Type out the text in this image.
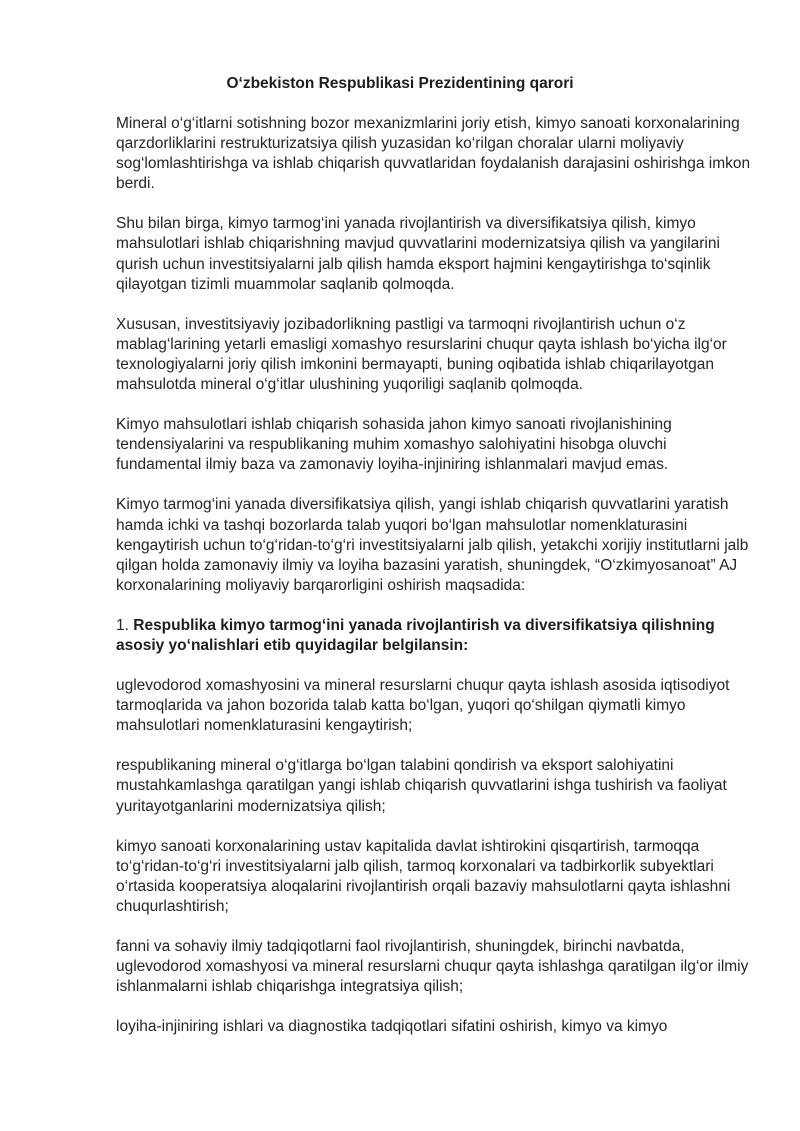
O‘zbekiston Respublikasi Prezidentining qarori

Mineral o‘g‘itlarni sotishning bozor mexanizmlarini joriy etish, kimyo sanoati korxonalarining qarzdorliklarini restrukturizatsiya qilish yuzasidan ko‘rilgan choralar ularni moliyaviy sog‘lomlashtirishga va ishlab chiqarish quvvatlaridan foydalanish darajasini oshirishga imkon berdi.

Shu bilan birga, kimyo tarmog‘ini yanada rivojlantirish va diversifikatsiya qilish, kimyo mahsulotlari ishlab chiqarishning mavjud quvvatlarini modernizatsiya qilish va yangilarini qurish uchun investitsiyalarni jalb qilish hamda eksport hajmini kengaytirishga to‘sqinlik qilayotgan tizimli muammolar saqlanib qolmoqda.

Xususan, investitsiyaviy jozibadorlikning pastligi va tarmoqni rivojlantirish uchun o‘z mablag‘larining yetarli emasligi xomashyo resurslarini chuqur qayta ishlash bo‘yicha ilg‘or texnologiyalarni joriy qilish imkonini bermayapti, buning oqibatida ishlab chiqarilayotgan mahsulotda mineral o‘g‘itlar ulushining yuqoriligi saqlanib qolmoqda.

Kimyo mahsulotlari ishlab chiqarish sohasida jahon kimyo sanoati rivojlanishining tendensiyalarini va respublikaning muhim xomashyo salohiyatini hisobga oluvchi fundamental ilmiy baza va zamonaviy loyiha-injiniring ishlanmalari mavjud emas.

Kimyo tarmog‘ini yanada diversifikatsiya qilish, yangi ishlab chiqarish quvvatlarini yaratish hamda ichki va tashqi bozorlarda talab yuqori bo‘lgan mahsulotlar nomenklaturasini kengaytirish uchun to‘g‘ridan-to‘g‘ri investitsiyalarni jalb qilish, yetakchi xorijiy institutlarni jalb qilgan holda zamonaviy ilmiy va loyiha bazasini yaratish, shuningdek, “O‘zkimyosanoat” AJ korxonalarining moliyaviy barqarorligini oshirish maqsadida:

1. Respublika kimyo tarmog‘ini yanada rivojlantirish va diversifikatsiya qilishning asosiy yo‘nalishlari etib quyidagilar belgilansin:

uglevodorod xomashyosini va mineral resurslarni chuqur qayta ishlash asosida iqtisodiyot tarmoqlarida va jahon bozorida talab katta bo‘lgan, yuqori qo‘shilgan qiymatli kimyo mahsulotlari nomenklaturasini kengaytirish;

respublikaning mineral o‘g‘itlarga bo‘lgan talabini qondirish va eksport salohiyatini mustahkamlashga qaratilgan yangi ishlab chiqarish quvvatlarini ishga tushirish va faoliyat yuritayotganlarini modernizatsiya qilish;

kimyo sanoati korxonalarining ustav kapitalida davlat ishtirokini qisqartirish, tarmoqqa to‘g‘ridan-to‘g‘ri investitsiyalarni jalb qilish, tarmoq korxonalari va tadbirkorlik subyektlari o‘rtasida kooperatsiya aloqalarini rivojlantirish orqali bazaviy mahsulotlarni qayta ishlashni chuqurlashtirish;

fanni va sohaviy ilmiy tadqiqotlarni faol rivojlantirish, shuningdek, birinchi navbatda, uglevodorod xomashyosi va mineral resurslarni chuqur qayta ishlashga qaratilgan ilg‘or ilmiy ishlanmalarni ishlab chiqarishga integratsiya qilish;

loyiha-injiniring ishlari va diagnostika tadqiqotlari sifatini oshirish, kimyo va kimyo
